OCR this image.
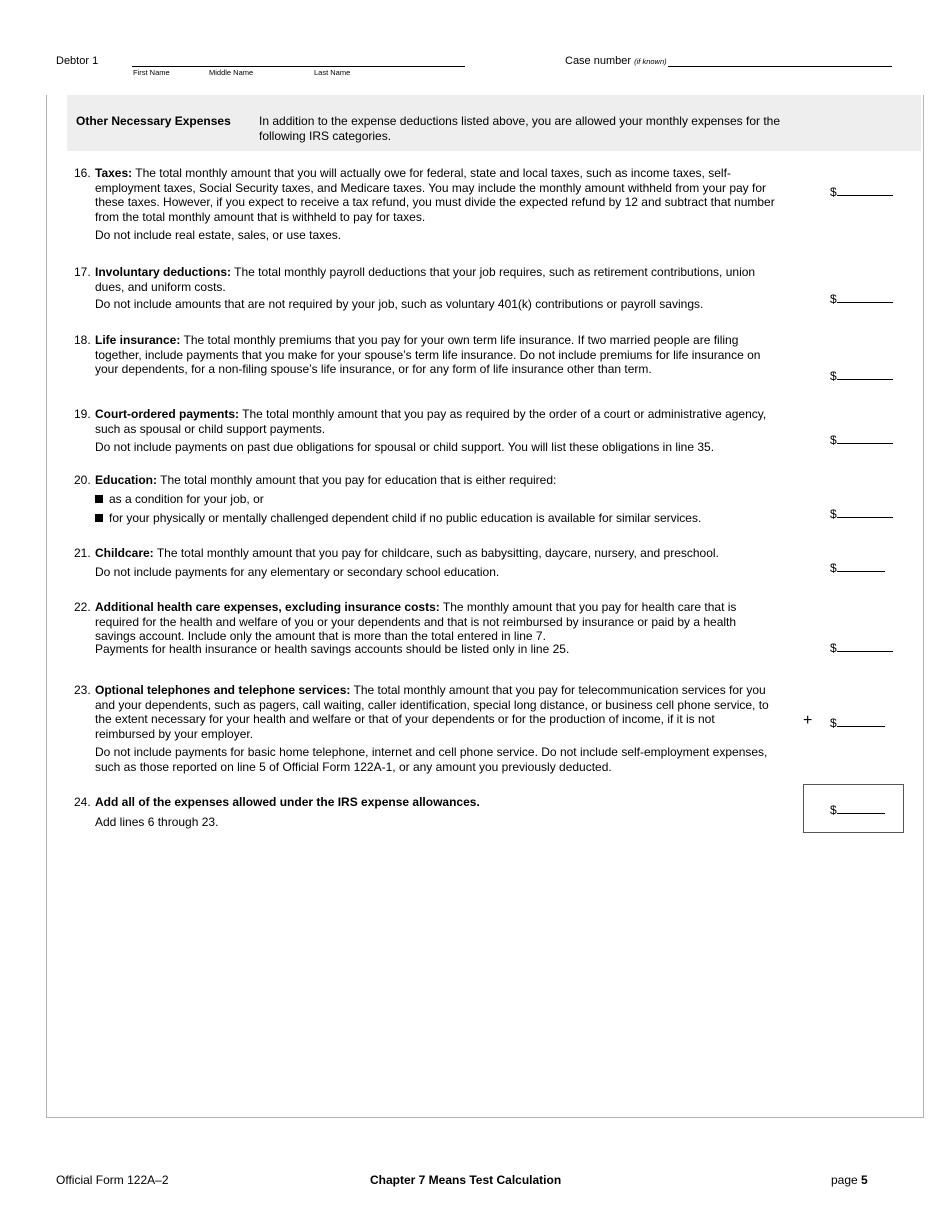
Debtor 1
First Name	Middle Name	Last Name
Case number (if known)
Other Necessary Expenses In addition to the expense deductions listed above, you are allowed your monthly expenses for the following IRS categories.
16. Taxes: The total monthly amount that you will actually owe for federal, state and local taxes, such as income taxes, self-employment taxes, Social Security taxes, and Medicare taxes. You may include the monthly amount withheld from your pay for these taxes. However, if you expect to receive a tax refund, you must divide the expected refund by 12 and subtract that number from the total monthly amount that is withheld to pay for taxes.
Do not include real estate, sales, or use taxes.
$
17. Involuntary deductions: The total monthly payroll deductions that your job requires, such as retirement contributions, union dues, and uniform costs.
Do not include amounts that are not required by your job, such as voluntary 401(k) contributions or payroll savings.	$
18. Life insurance: The total monthly premiums that you pay for your own term life insurance. If two married people are filing together, include payments that you make for your spouse’s term life insurance. Do not include premiums for life insurance on your dependents, for a non-filing spouse’s life insurance, or for any form of life insurance other than term.	$
19. Court-ordered payments: The total monthly amount that you pay as required by the order of a court or administrative agency, such as spousal or child support payments.
Do not include payments on past due obligations for spousal or child support. You will list these obligations in line 35.	$
20. Education: The total monthly amount that you pay for education that is either required:
as a condition for your job, or
for your physically or mentally challenged dependent child if no public education is available for similar services.	$
21. Childcare: The total monthly amount that you pay for childcare, such as babysitting, daycare, nursery, and preschool.
Do not include payments for any elementary or secondary school education.	$
22. Additional health care expenses, excluding insurance costs: The monthly amount that you pay for health care that is required for the health and welfare of you or your dependents and that is not reimbursed by insurance or paid by a health savings account. Include only the amount that is more than the total entered in line 7.
Payments for health insurance or health savings accounts should be listed only in line 25.	$
23. Optional telephones and telephone services: The total monthly amount that you pay for telecommunication services for you and your dependents, such as pagers, call waiting, caller identification, special long distance, or business cell phone service, to the extent necessary for your health and welfare or that of your dependents or for the production of income, if it is not reimbursed by your employer.
Do not include payments for basic home telephone, internet and cell phone service. Do not include self-employment expenses, such as those reported on line 5 of Official Form 122A-1, or any amount you previously deducted.
+ $
24. Add all of the expenses allowed under the IRS expense allowances.
Add lines 6 through 23.
$
Official Form 122A–2	Chapter 7 Means Test Calculation	page 5
